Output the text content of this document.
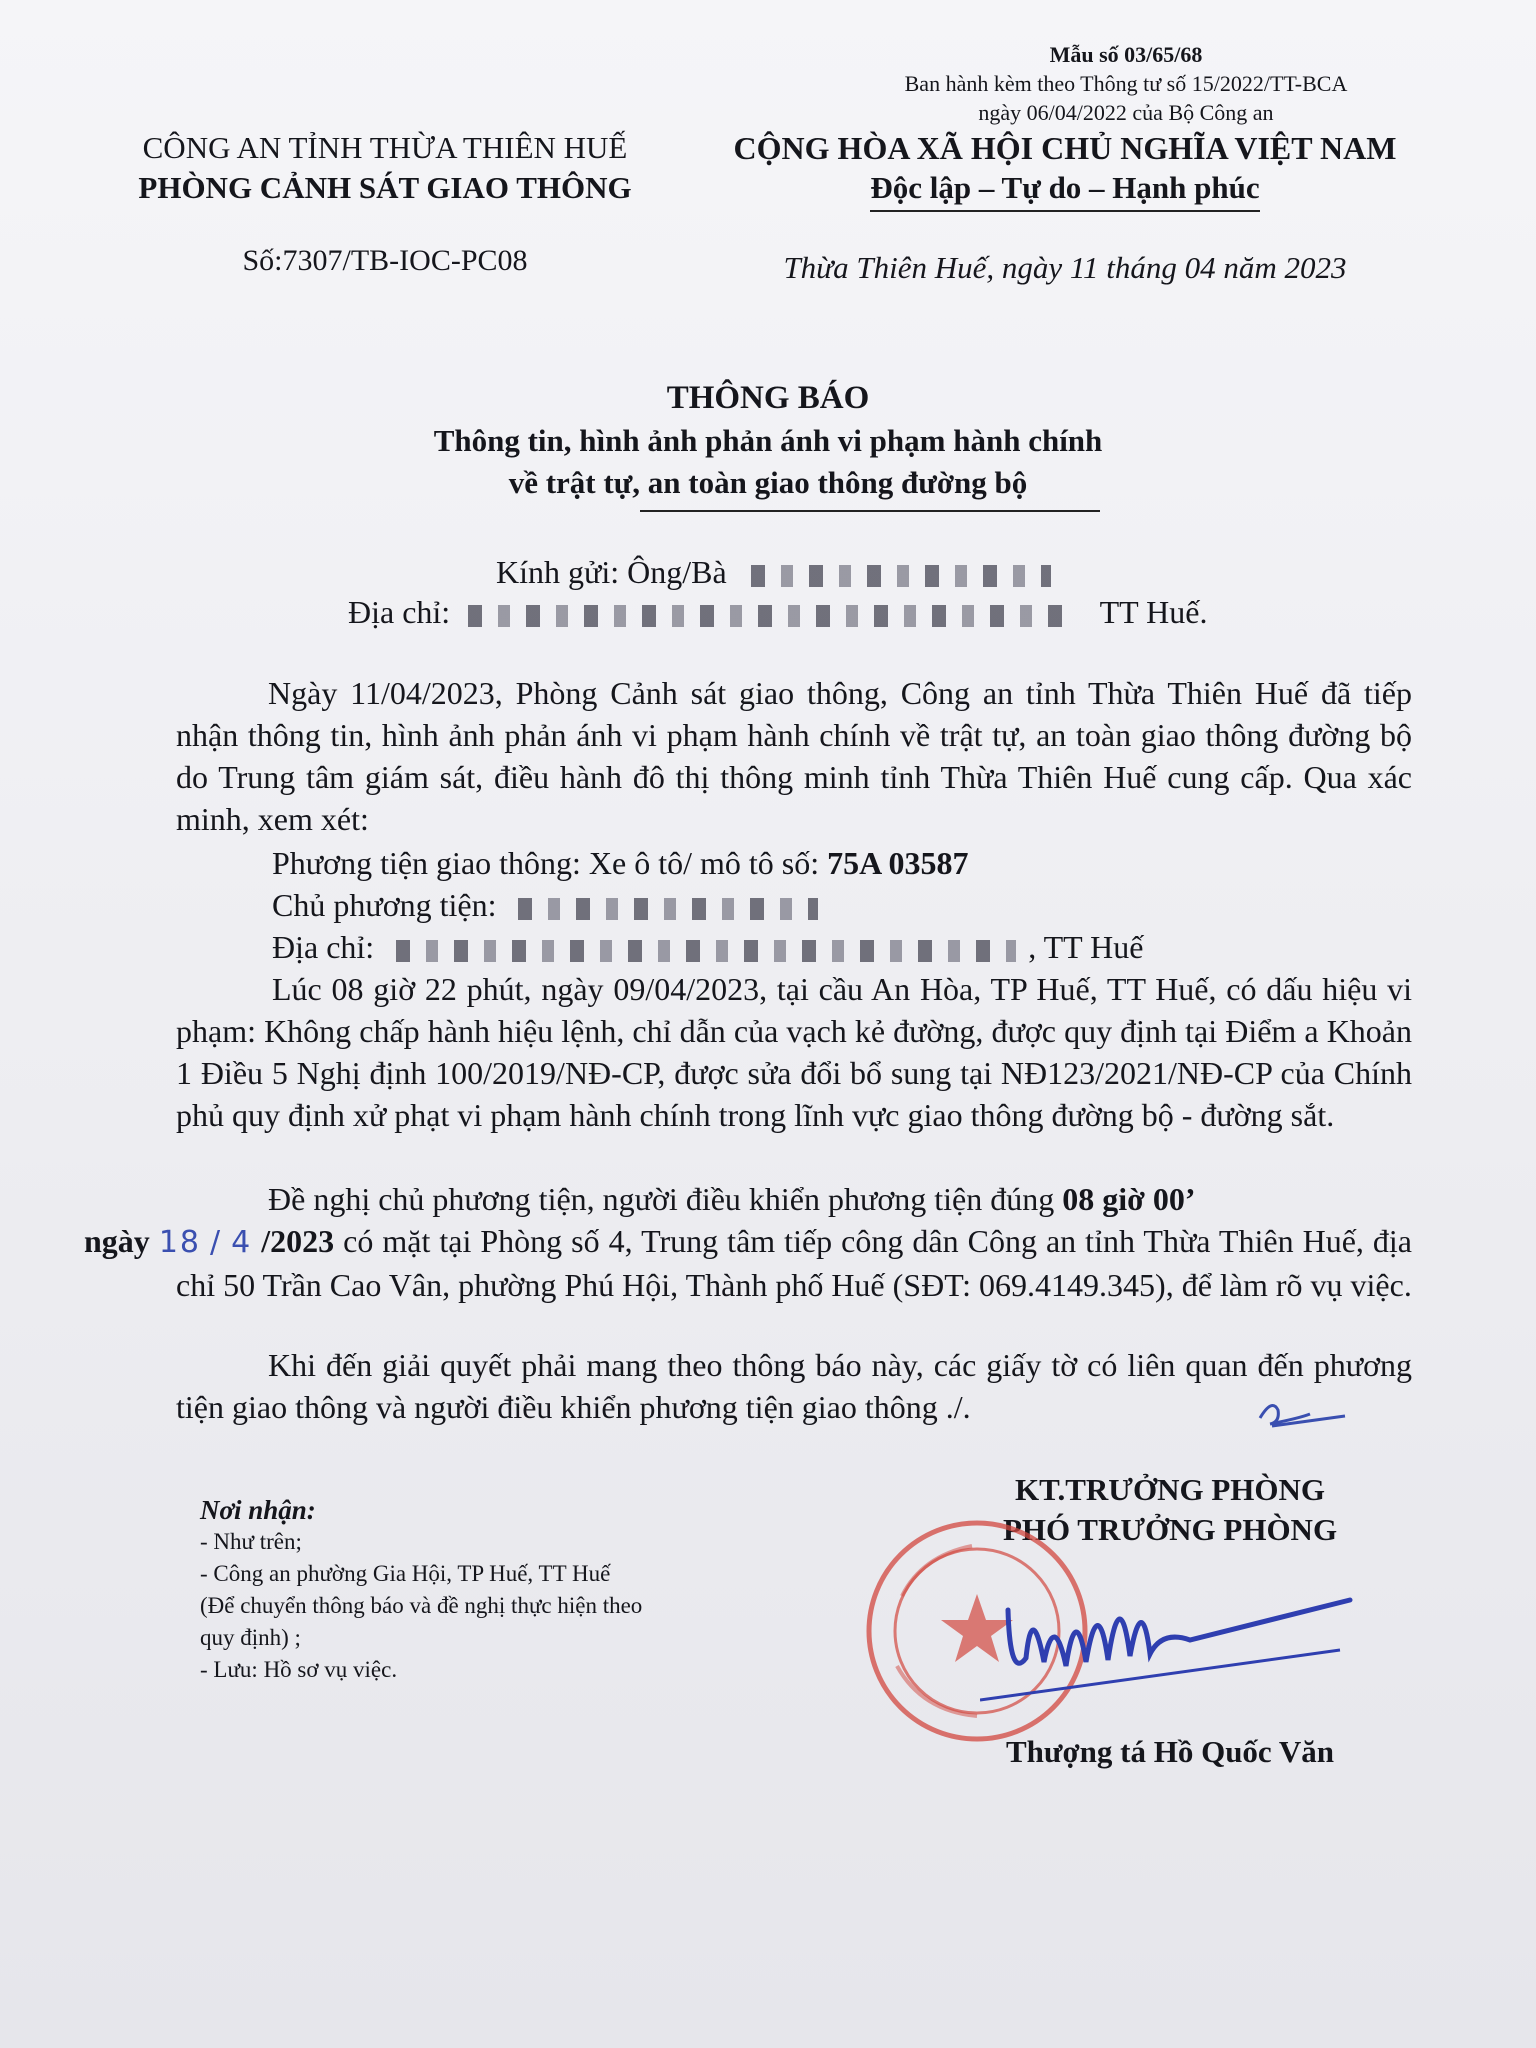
Mẫu số 03/65/68
Ban hành kèm theo Thông tư số 15/2022/TT-BCA
ngày 06/04/2022 của Bộ Công an
CÔNG AN TỈNH THỪA THIÊN HUẾ
PHÒNG CẢNH SÁT GIAO THÔNG
Số:7307/TB-IOC-PC08
CỘNG HÒA XÃ HỘI CHỦ NGHĨA VIỆT NAM
Độc lập – Tự do – Hạnh phúc
Thừa Thiên Huế, ngày 11 tháng 04 năm 2023
THÔNG BÁO
Thông tin, hình ảnh phản ánh vi phạm hành chính
về trật tự, an toàn giao thông đường bộ
Kính gửi: Ông/Bà
Địa chỉ:	TT Huế.
Ngày 11/04/2023, Phòng Cảnh sát giao thông, Công an tỉnh Thừa Thiên Huế đã tiếp nhận thông tin, hình ảnh phản ánh vi phạm hành chính về trật tự, an toàn giao thông đường bộ do Trung tâm giám sát, điều hành đô thị thông minh tỉnh Thừa Thiên Huế cung cấp. Qua xác minh, xem xét:
Phương tiện giao thông: Xe ô tô/ mô tô số: 75A 03587
Chủ phương tiện:
Địa chỉ:	, TT Huế
Lúc 08 giờ 22 phút, ngày 09/04/2023, tại cầu An Hòa, TP Huế, TT Huế, có dấu hiệu vi phạm: Không chấp hành hiệu lệnh, chỉ dẫn của vạch kẻ đường, được quy định tại Điểm a Khoản 1 Điều 5 Nghị định 100/2019/NĐ-CP, được sửa đổi bổ sung tại NĐ123/2021/NĐ-CP của Chính phủ quy định xử phạt vi phạm hành chính trong lĩnh vực giao thông đường bộ - đường sắt.
Đề nghị chủ phương tiện, người điều khiển phương tiện đúng 08 giờ 00’
ngày 18 / 4 /2023 có mặt tại Phòng số 4, Trung tâm tiếp công dân Công an tỉnh Thừa Thiên Huế, địa chỉ 50 Trần Cao Vân, phường Phú Hội, Thành phố Huế (SĐT: 069.4149.345), để làm rõ vụ việc.
Khi đến giải quyết phải mang theo thông báo này, các giấy tờ có liên quan đến phương tiện giao thông và người điều khiển phương tiện giao thông ./.
Nơi nhận:
- Như trên;
- Công an phường Gia Hội, TP Huế, TT Huế
(Để chuyển thông báo và đề nghị thực hiện theo
quy định) ;
- Lưu: Hồ sơ vụ việc.
KT.TRƯỞNG PHÒNG
PHÓ TRƯỞNG PHÒNG
Thượng tá Hồ Quốc Văn
